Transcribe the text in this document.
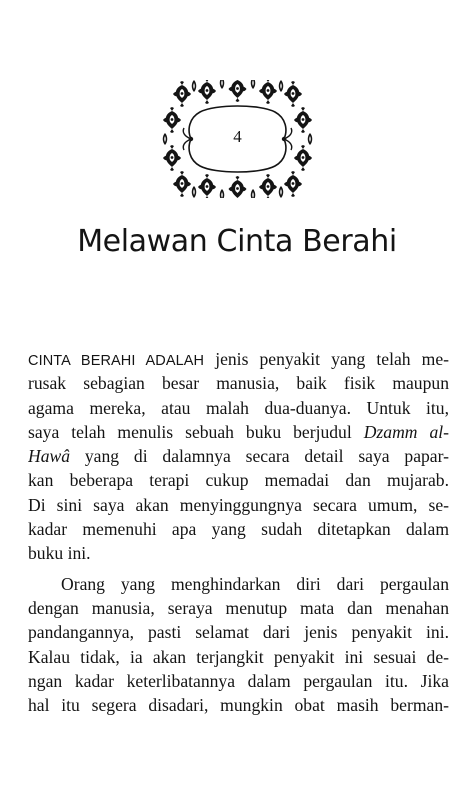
4
Melawan Cinta Berahi
CINTA BERAHI ADALAH jenis penyakit yang telah me-
rusak sebagian besar manusia, baik fisik maupun
agama mereka, atau malah dua-duanya. Untuk itu,
saya telah menulis sebuah buku berjudul Dzamm al-
Hawâ yang di dalamnya secara detail saya papar-
kan beberapa terapi cukup memadai dan mujarab.
Di sini saya akan menyinggungnya secara umum, se-
kadar memenuhi apa yang sudah ditetapkan dalam
buku ini.
Orang yang menghindarkan diri dari pergaulan
dengan manusia, seraya menutup mata dan menahan
pandangannya, pasti selamat dari jenis penyakit ini.
Kalau tidak, ia akan terjangkit penyakit ini sesuai de-
ngan kadar keterlibatannya dalam pergaulan itu. Jika
hal itu segera disadari, mungkin obat masih berman-
